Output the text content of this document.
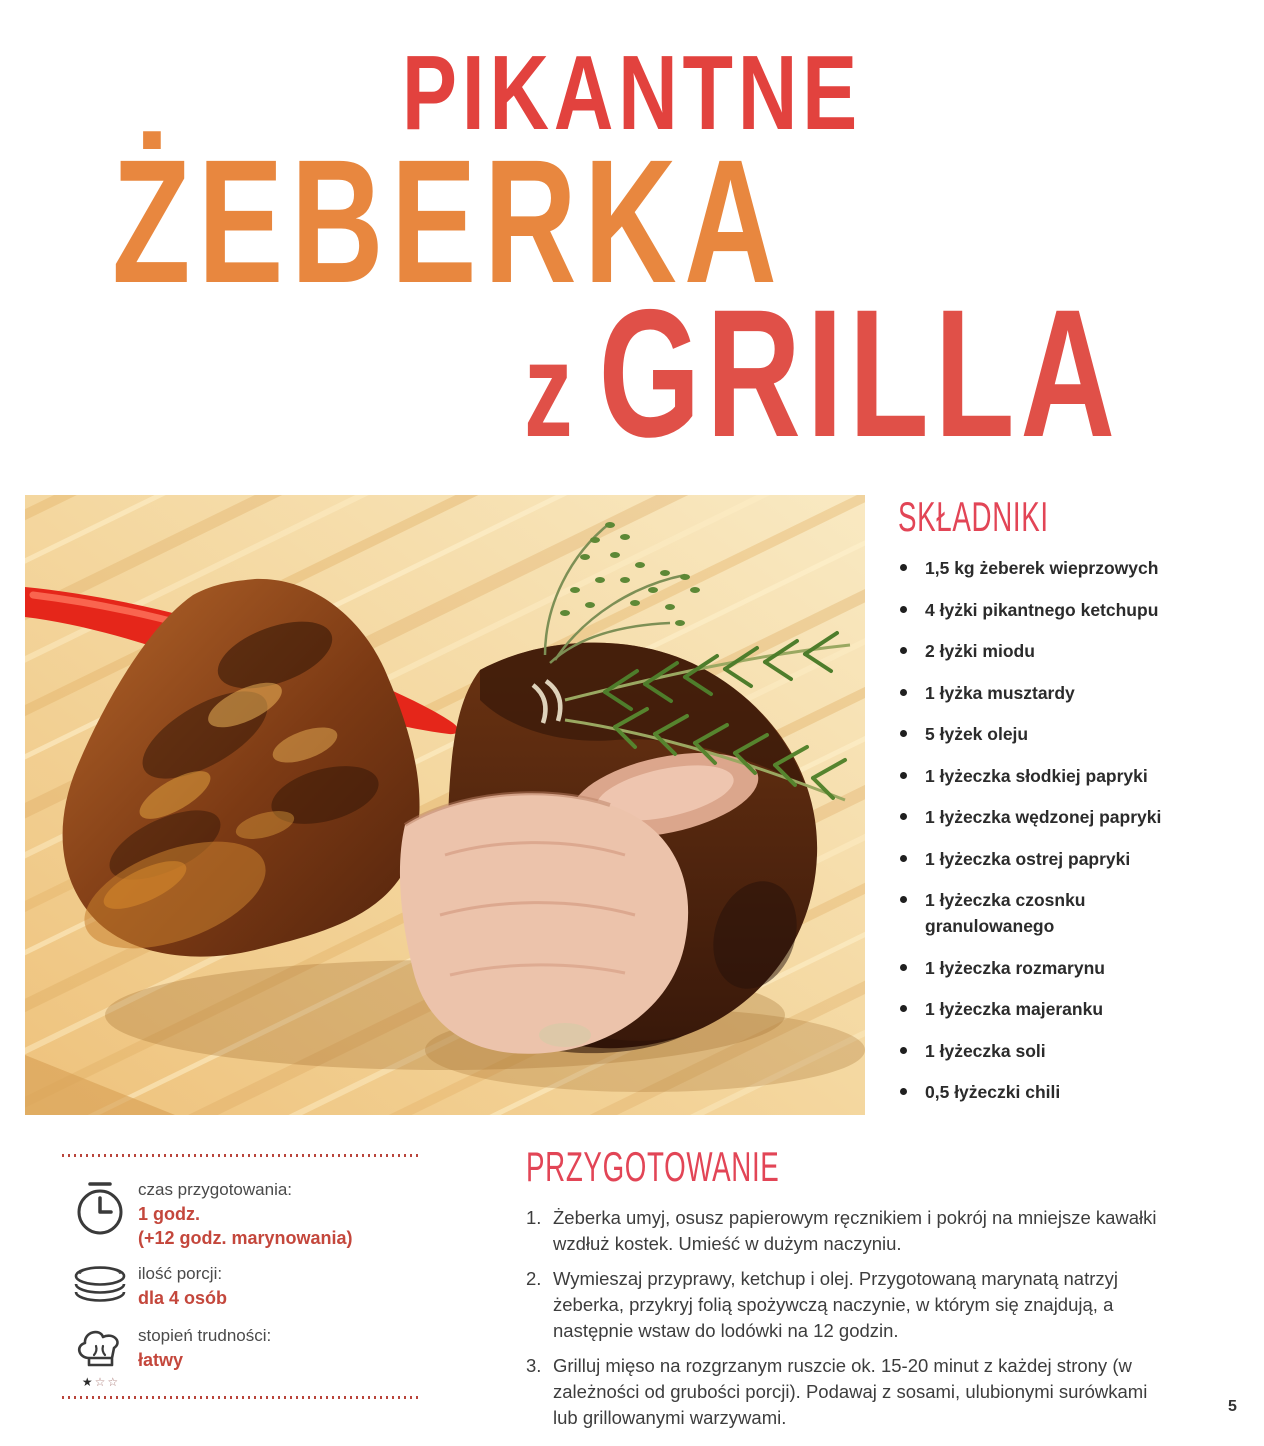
PIKANTNE
ŻEBERKA
z GRILLA
SKŁADNIKI
1,5 kg żeberek wieprzowych
4 łyżki pikantnego ketchupu
2 łyżki miodu
1 łyżka musztardy
5 łyżek oleju
1 łyżeczka słodkiej papryki
1 łyżeczka wędzonej papryki
1 łyżeczka ostrej papryki
1 łyżeczka czosnku granulowanego
1 łyżeczka rozmarynu
1 łyżeczka majeranku
1 łyżeczka soli
0,5 łyżeczki chili
czas przygotowania:
1 godz.
(+12 godz. marynowania)
ilość porcji:
dla 4 osób
★ ☆ ☆
stopień trudności:
łatwy
PRZYGOTOWANIE
1. Żeberka umyj, osusz papierowym ręcznikiem i pokrój na mniejsze kawałki wzdłuż kostek. Umieść w dużym naczyniu.
2. Wymieszaj przyprawy, ketchup i olej. Przygotowaną marynatą natrzyj żeberka, przykryj folią spożywczą naczynie, w którym się znajdują, a następnie wstaw do lodówki na 12 godzin.
3. Grilluj mięso na rozgrzanym ruszcie ok. 15-20 minut z każdej strony (w zależności od grubości porcji). Podawaj z sosami, ulubionymi surówkami lub grillowanymi warzywami.
5
